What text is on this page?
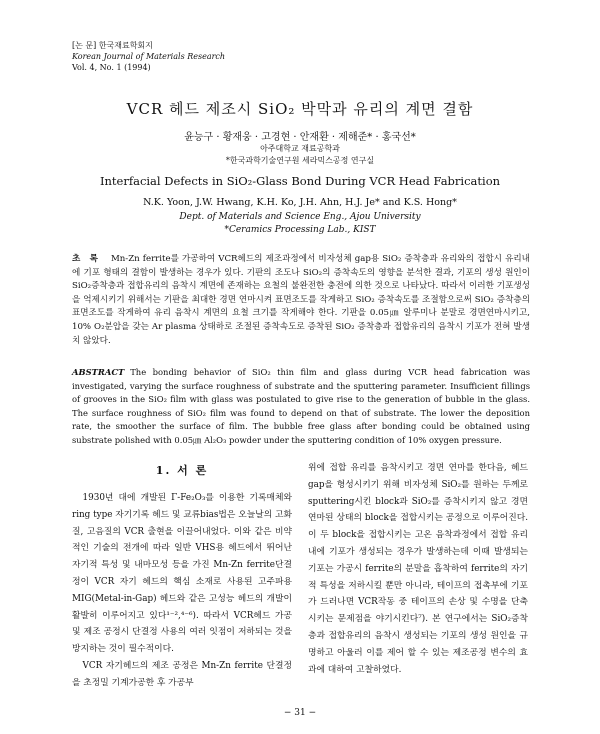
[논 문] 한국재료학회지
Korean Journal of Materials Research
Vol. 4, No. 1 (1994)
VCR 헤드 제조시 SiO₂ 박막과 유리의 계면 결함
윤능구 · 황재웅 · 고경현 · 안재환 · 제해준* · 홍국선*
아주대학교 재료공학과
*한국과학기술연구원 세라믹스공정 연구실
Interfacial Defects in SiO₂-Glass Bond During VCR Head Fabrication
N.K. Yoon, J.W. Hwang, K.H. Ko, J.H. Ahn, H.J. Je* and K.S. Hong*
Dept. of Materials and Science Eng., Ajou University
*Ceramics Processing Lab., KIST
초 록 Mn-Zn ferrite를 가공하여 VCR헤드의 제조과정에서 비자성체 gap용 SiO₂ 증착층과 유리와의 접합시 유리내에 기포 형태의 결함이 발생하는 경우가 있다. 기판의 조도나 SiO₂의 증착속도의 영향을 분석한 결과, 기포의 생성 원인이 SiO₂증착층과 접합유리의 음착시 계면에 존재하는 요철의 불완전한 충전에 의한 것으로 나타났다. 따라서 이러한 기포생성을 억제시키기 위해서는 기판을 최대한 경면 연마시켜 표면조도를 작게하고 SiO₂ 증착속도를 조절함으로써 SiO₂ 증착층의 표면조도를 작게하여 유리 음착시 계면의 요철 크기를 작게해야 한다. 기판을 0.05㎛ 알루미나 분말로 경면연마시키고, 10% O₂분압을 갖는 Ar plasma 상태하로 조절된 증착속도로 증착된 SiO₂ 증착층과 접합유리의 음착시 기포가 전혀 발생치 않았다.
ABSTRACT The bonding behavior of SiO₂ thin film and glass during VCR head fabrication was investigated, varying the surface roughness of substrate and the sputtering parameter. Insufficient fillings of grooves in the SiO₂ film with glass was postulated to give rise to the generation of bubble in the glass. The surface roughness of SiO₂ film was found to depend on that of substrate. The lower the deposition rate, the smoother the surface of film. The bubble free glass after bonding could be obtained using substrate polished with 0.05㎛ Al₂O₃ powder under the sputtering condition of 10% oxygen pressure.
1. 서 론

1930년 대에 개발된 Γ-Fe₂O₃를 이용한 기록매체와 ring type 자기기록 헤드 및 교류bias법은 오늘날의 고화질, 고음질의 VCR 출현을 이끌어내었다. 이와 같은 비약적인 기술의 전개에 따라 일반 VHS용 헤드에서 뛰어난 자기적 특성 및 내마모성 등을 가진 Mn-Zn ferrite단결정이 VCR 자기 헤드의 핵심 소재로 사용된 고주파용 MIG(Metal-in-Gap) 헤드와 같은 고성능 헤드의 개발이 활발히 이루어지고 있다¹⁻²,⁴⁻⁶). 따라서 VCR헤드 가공 및 제조 공정시 단결정 사용의 여러 잇점이 저하되는 것을 방지하는 것이 필수적이다.

VCR 자기헤드의 제조 공정은 Mn-Zn ferrite 단결정을 초정밀 기계가공한 후 가공부

위에 접합 유리를 음착시키고 경면 연마를 한다음, 헤드 gap을 형성시키기 위해 비자성체 SiO₂를 원하는 두께로 sputtering시킨 block과 SiO₂를 증착시키지 않고 경면 연마된 상태의 block을 접합시키는 공정으로 이루어진다. 이 두 block을 접합시키는 고온 음착과정에서 접합 유리 내에 기포가 생성되는 경우가 발생하는데 이때 발생되는 기포는 가공시 ferrite의 분말을 흡착하여 ferrite의 자기적 특성을 저하시킬 뿐만 아니라, 테이프의 접촉부에 기포가 드러나면 VCR작동 중 테이프의 손상 및 수명을 단축시키는 문제점을 야기시킨다⁷). 본 연구에서는 SiO₂증착층과 접합유리의 음착시 생성되는 기포의 생성 원인을 규명하고 아울러 이를 제어 할 수 있는 제조공정 변수의 효과에 대하여 고찰하였다.

− 31 −
